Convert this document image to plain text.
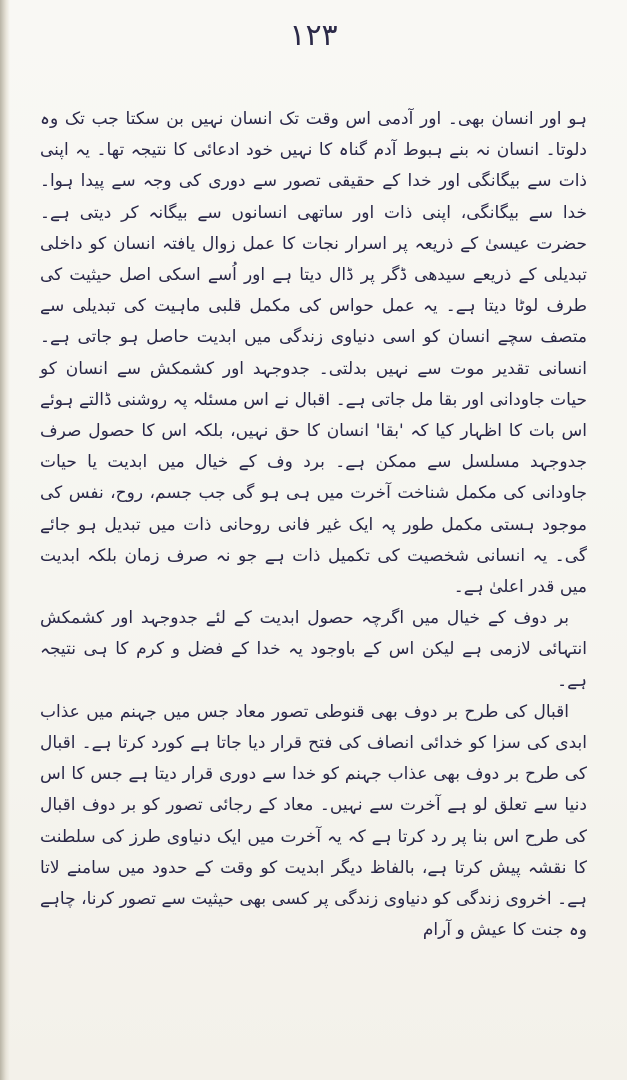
۱۲۳

ہو اور انسان بھی۔ اور آدمی اس وقت تک انسان نہیں بن سکتا جب تک وہ دلوتا۔ انسان نہ بنے ہبوط آدم گناہ کا نہیں خود ادعائی کا نتیجہ تھا۔ یہ اپنی ذات سے بیگانگی اور خدا کے حقیقی تصور سے دوری کی وجہ سے پیدا ہوا۔ خدا سے بیگانگی، اپنی ذات اور ساتھی انسانوں سے بیگانہ کر دیتی ہے۔ حضرت عیسیٰ کے ذریعہ پر اسرار نجات کا عمل زوال یافتہ انسان کو داخلی تبدیلی کے ذریعے سیدھی ڈگر پر ڈال دیتا ہے اور اُسے اسکی اصل حیثیت کی طرف لوٹا دیتا ہے۔ یہ عمل حواس کی مکمل قلبی ماہیت کی تبدیلی سے متصف سچے انسان کو اسی دنیاوی زندگی میں ابدیت حاصل ہو جاتی ہے۔ انسانی تقدیر موت سے نہیں بدلتی۔ جدوجہد اور کشمکش سے انسان کو حیات جاودانی اور بقا مل جاتی ہے۔ اقبال نے اس مسئلہ پہ روشنی ڈالتے ہوئے اس بات کا اظہار کیا کہ 'بقا' انسان کا حق نہیں، بلکہ اس کا حصول صرف جدوجہد مسلسل سے ممکن ہے۔ برد وف کے خیال میں ابدیت یا حیات جاودانی کی مکمل شناخت آخرت میں ہی ہو گی جب جسم، روح، نفس کی موجود ہستی مکمل طور پہ ایک غیر فانی روحانی ذات میں تبدیل ہو جائے گی۔ یہ انسانی شخصیت کی تکمیل ذات ہے جو نہ صرف زمان بلکہ ابدیت میں قدر اعلیٰ ہے۔

بر دوف کے خیال میں اگرچہ حصول ابدیت کے لئے جدوجہد اور کشمکش انتہائی لازمی ہے لیکن اس کے باوجود یہ خدا کے فضل و کرم کا ہی نتیجہ ہے۔

اقبال کی طرح بر دوف بھی قنوطی تصور معاد جس میں جہنم میں عذاب ابدی کی سزا کو خدائی انصاف کی فتح قرار دیا جاتا ہے کورد کرتا ہے۔ اقبال کی طرح بر دوف بھی عذاب جہنم کو خدا سے دوری قرار دیتا ہے جس کا اس دنیا سے تعلق لو ہے آخرت سے نہیں۔ معاد کے رجائی تصور کو بر دوف اقبال کی طرح اس بنا پر رد کرتا ہے کہ یہ آخرت میں ایک دنیاوی طرز کی سلطنت کا نقشہ پیش کرتا ہے، بالفاظ دیگر ابدیت کو وقت کے حدود میں سامنے لاتا ہے۔ اخروی زندگی کو دنیاوی زندگی پر کسی بھی حیثیت سے تصور کرنا، چاہے وہ جنت کا عیش و آرام
